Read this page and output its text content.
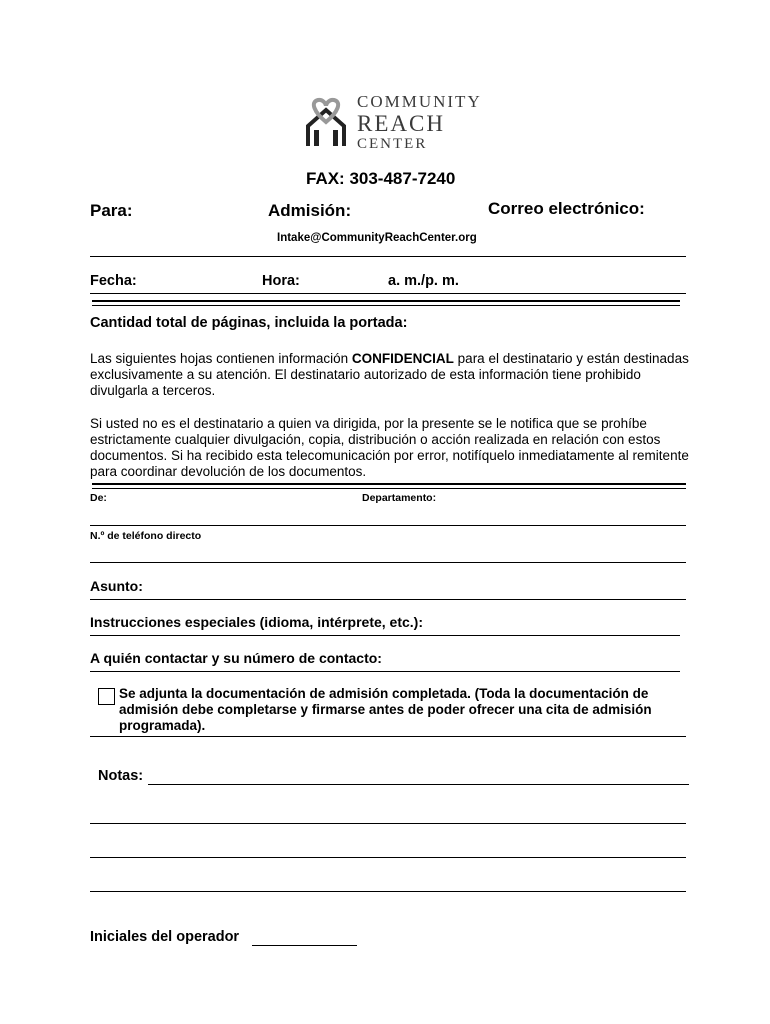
COMMUNITY
REACH
CENTER
FAX: 303-487-7240
Para:	Admisión:	Correo electrónico:
Intake@CommunityReachCenter.org
Fecha:	Hora:	a. m./p. m.
Cantidad total de páginas, incluida la portada:
Las siguientes hojas contienen información CONFIDENCIAL para el destinatario y están destinadas exclusivamente a su atención. El destinatario autorizado de esta información tiene prohibido divulgarla a terceros.
Si usted no es el destinatario a quien va dirigida, por la presente se le notifica que se prohíbe estrictamente cualquier divulgación, copia, distribución o acción realizada en relación con estos documentos. Si ha recibido esta telecomunicación por error, notifíquelo inmediatamente al remitente para coordinar devolución de los documentos.
De:	Departamento:
N.º de teléfono directo
Asunto:
Instrucciones especiales (idioma, intérprete, etc.):
A quién contactar y su número de contacto:
Se adjunta la documentación de admisión completada. (Toda la documentación de admisión debe completarse y firmarse antes de poder ofrecer una cita de admisión programada).
Notas:
Iniciales del operador
